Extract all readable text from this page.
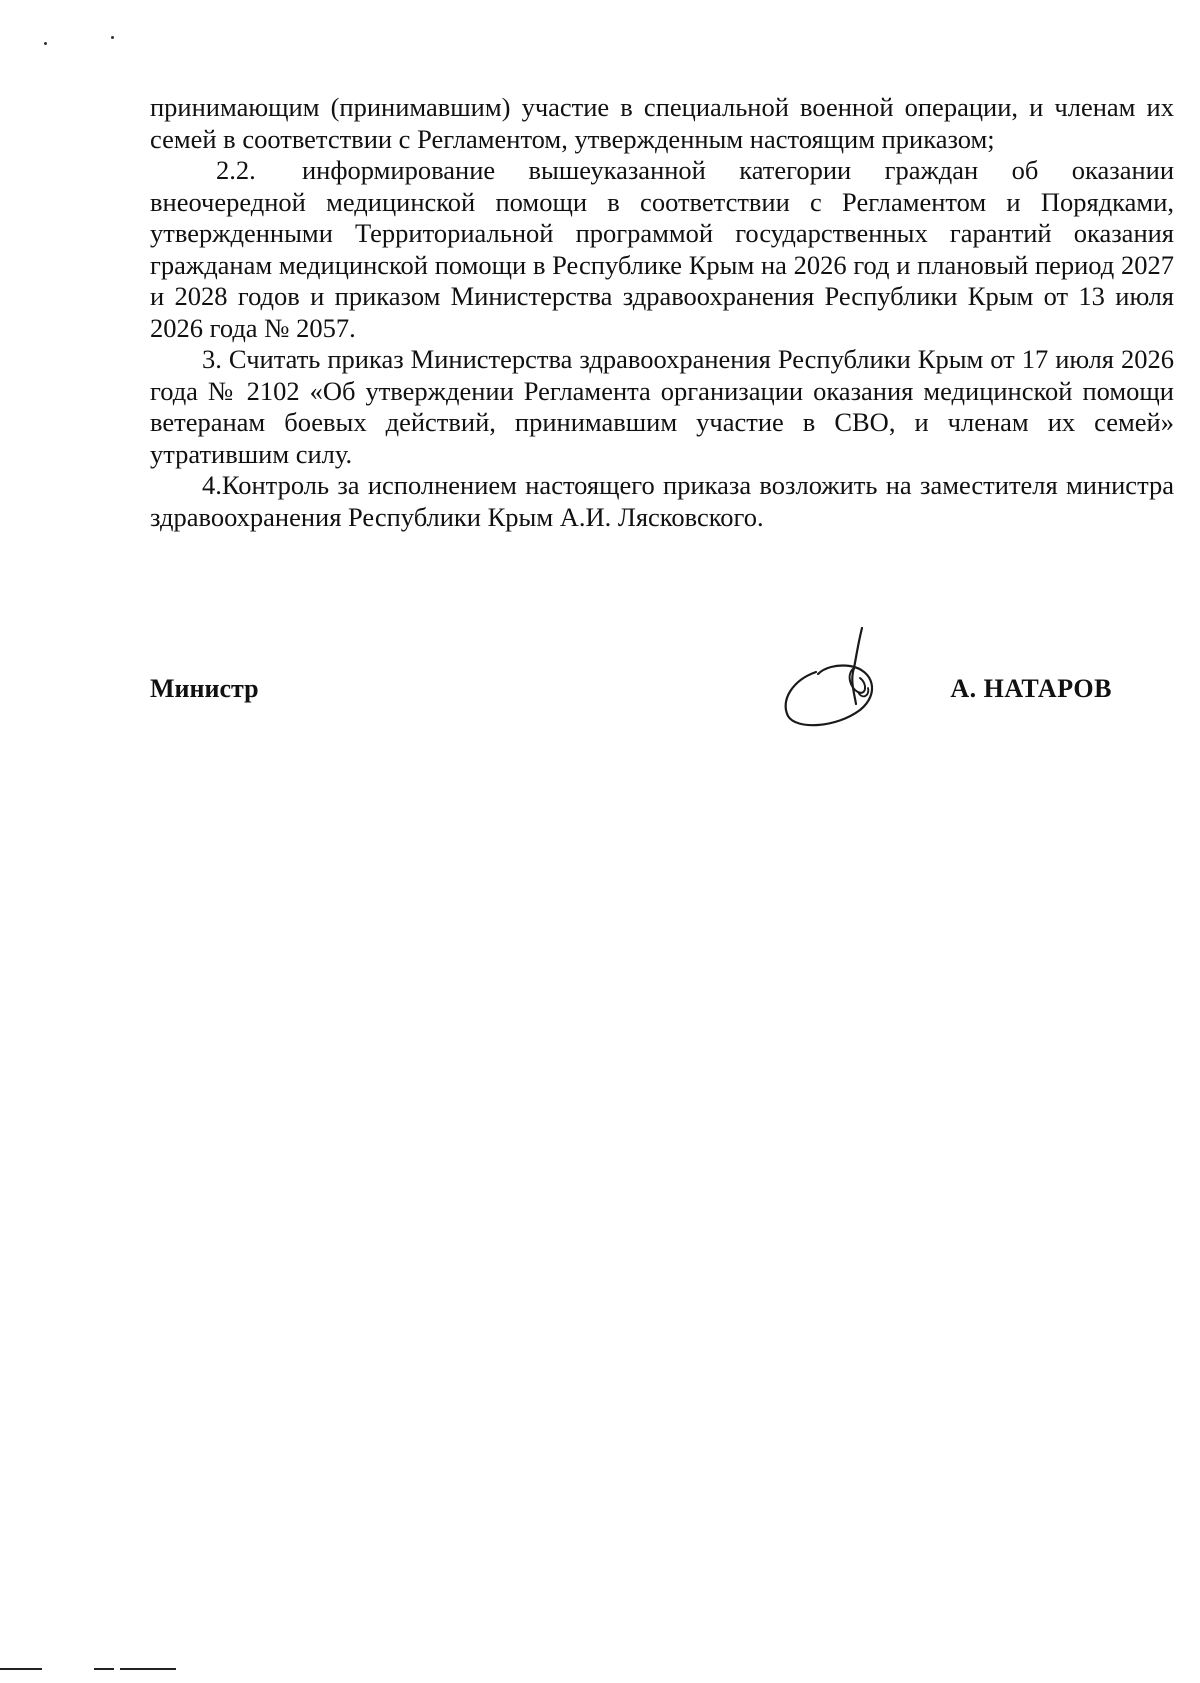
принимающим (принимавшим) участие в специальной военной операции, и членам их семей в соответствии с Регламентом, утвержденным настоящим приказом;

2.2. информирование вышеуказанной категории граждан об оказании внеочередной медицинской помощи в соответствии с Регламентом и Порядками, утвержденными Территориальной программой государственных гарантий оказания гражданам медицинской помощи в Республике Крым на 2026 год и плановый период 2027 и 2028 годов и приказом Министерства здравоохранения Республики Крым от 13 июля 2026 года № 2057.

3. Считать приказ Министерства здравоохранения Республики Крым от 17 июля 2026 года № 2102 «Об утверждении Регламента организации оказания медицинской помощи ветеранам боевых действий, принимавшим участие в СВО, и членам их семей» утратившим силу.

4.Контроль за исполнением настоящего приказа возложить на заместителя министра здравоохранения Республики Крым А.И. Лясковского.

Министр	А. НАТАРОВ
